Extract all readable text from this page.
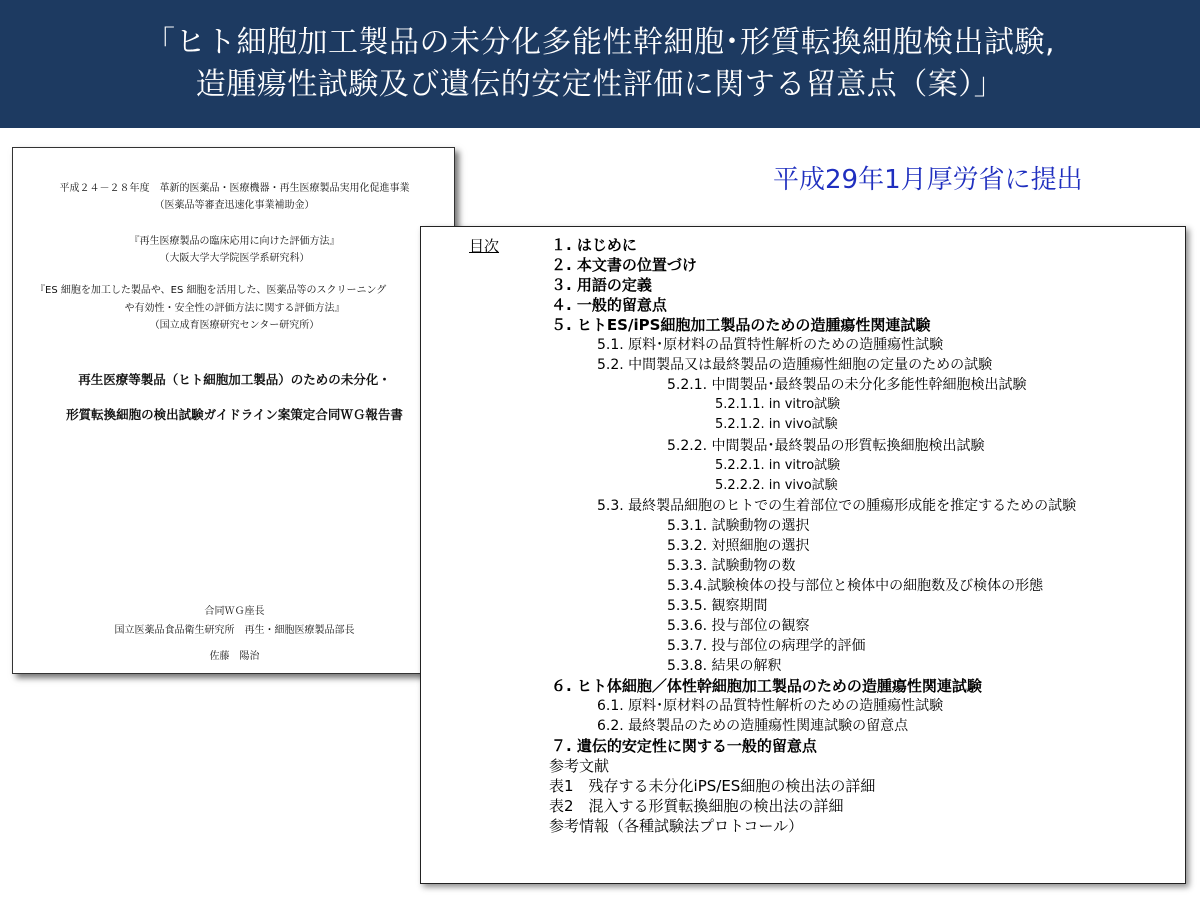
「ヒト細胞加工製品の未分化多能性幹細胞･形質転換細胞検出試験,
造腫瘍性試験及び遺伝的安定性評価に関する留意点（案）」
平成29年1月厚労省に提出
平成２４－２８年度　革新的医薬品・医療機器・再生医療製品実用化促進事業
（医薬品等審査迅速化事業補助金）
『再生医療製品の臨床応用に向けた評価方法』
（大阪大学大学院医学系研究科）
『ES 細胞を加工した製品や、ES 細胞を活用した、医薬品等のスクリーニング
や有効性・安全性の評価方法に関する評価方法』
（国立成育医療研究センター研究所）
再生医療等製品（ヒト細胞加工製品）のための未分化・
形質転換細胞の検出試験ガイドライン案策定合同ＷＧ報告書
合同ＷＧ座長
国立医薬品食品衛生研究所　再生・細胞医療製品部長
佐藤　陽治
目次	１. はじめに
２. 本文書の位置づけ
３. 用語の定義
４. 一般的留意点
５. ヒトES/iPS細胞加工製品のための造腫瘍性関連試験
5.1. 原料･原材料の品質特性解析のための造腫瘍性試験
5.2. 中間製品又は最終製品の造腫瘍性細胞の定量のための試験
5.2.1. 中間製品･最終製品の未分化多能性幹細胞検出試験
5.2.1.1. in vitro試験
5.2.1.2. in vivo試験
5.2.2. 中間製品･最終製品の形質転換細胞検出試験
5.2.2.1. in vitro試験
5.2.2.2. in vivo試験
5.3. 最終製品細胞のヒトでの生着部位での腫瘍形成能を推定するための試験
5.3.1. 試験動物の選択
5.3.2. 対照細胞の選択
5.3.3. 試験動物の数
5.3.4.試験検体の投与部位と検体中の細胞数及び検体の形態
5.3.5. 観察期間
5.3.6. 投与部位の観察
5.3.7. 投与部位の病理学的評価
5.3.8. 結果の解釈
６. ヒト体細胞／体性幹細胞加工製品のための造腫瘍性関連試験
6.1. 原料･原材料の品質特性解析のための造腫瘍性試験
6.2. 最終製品のための造腫瘍性関連試験の留意点
７. 遺伝的安定性に関する一般的留意点
参考文献
表1　残存する未分化iPS/ES細胞の検出法の詳細
表2　混入する形質転換細胞の検出法の詳細
参考情報（各種試験法プロトコール）
